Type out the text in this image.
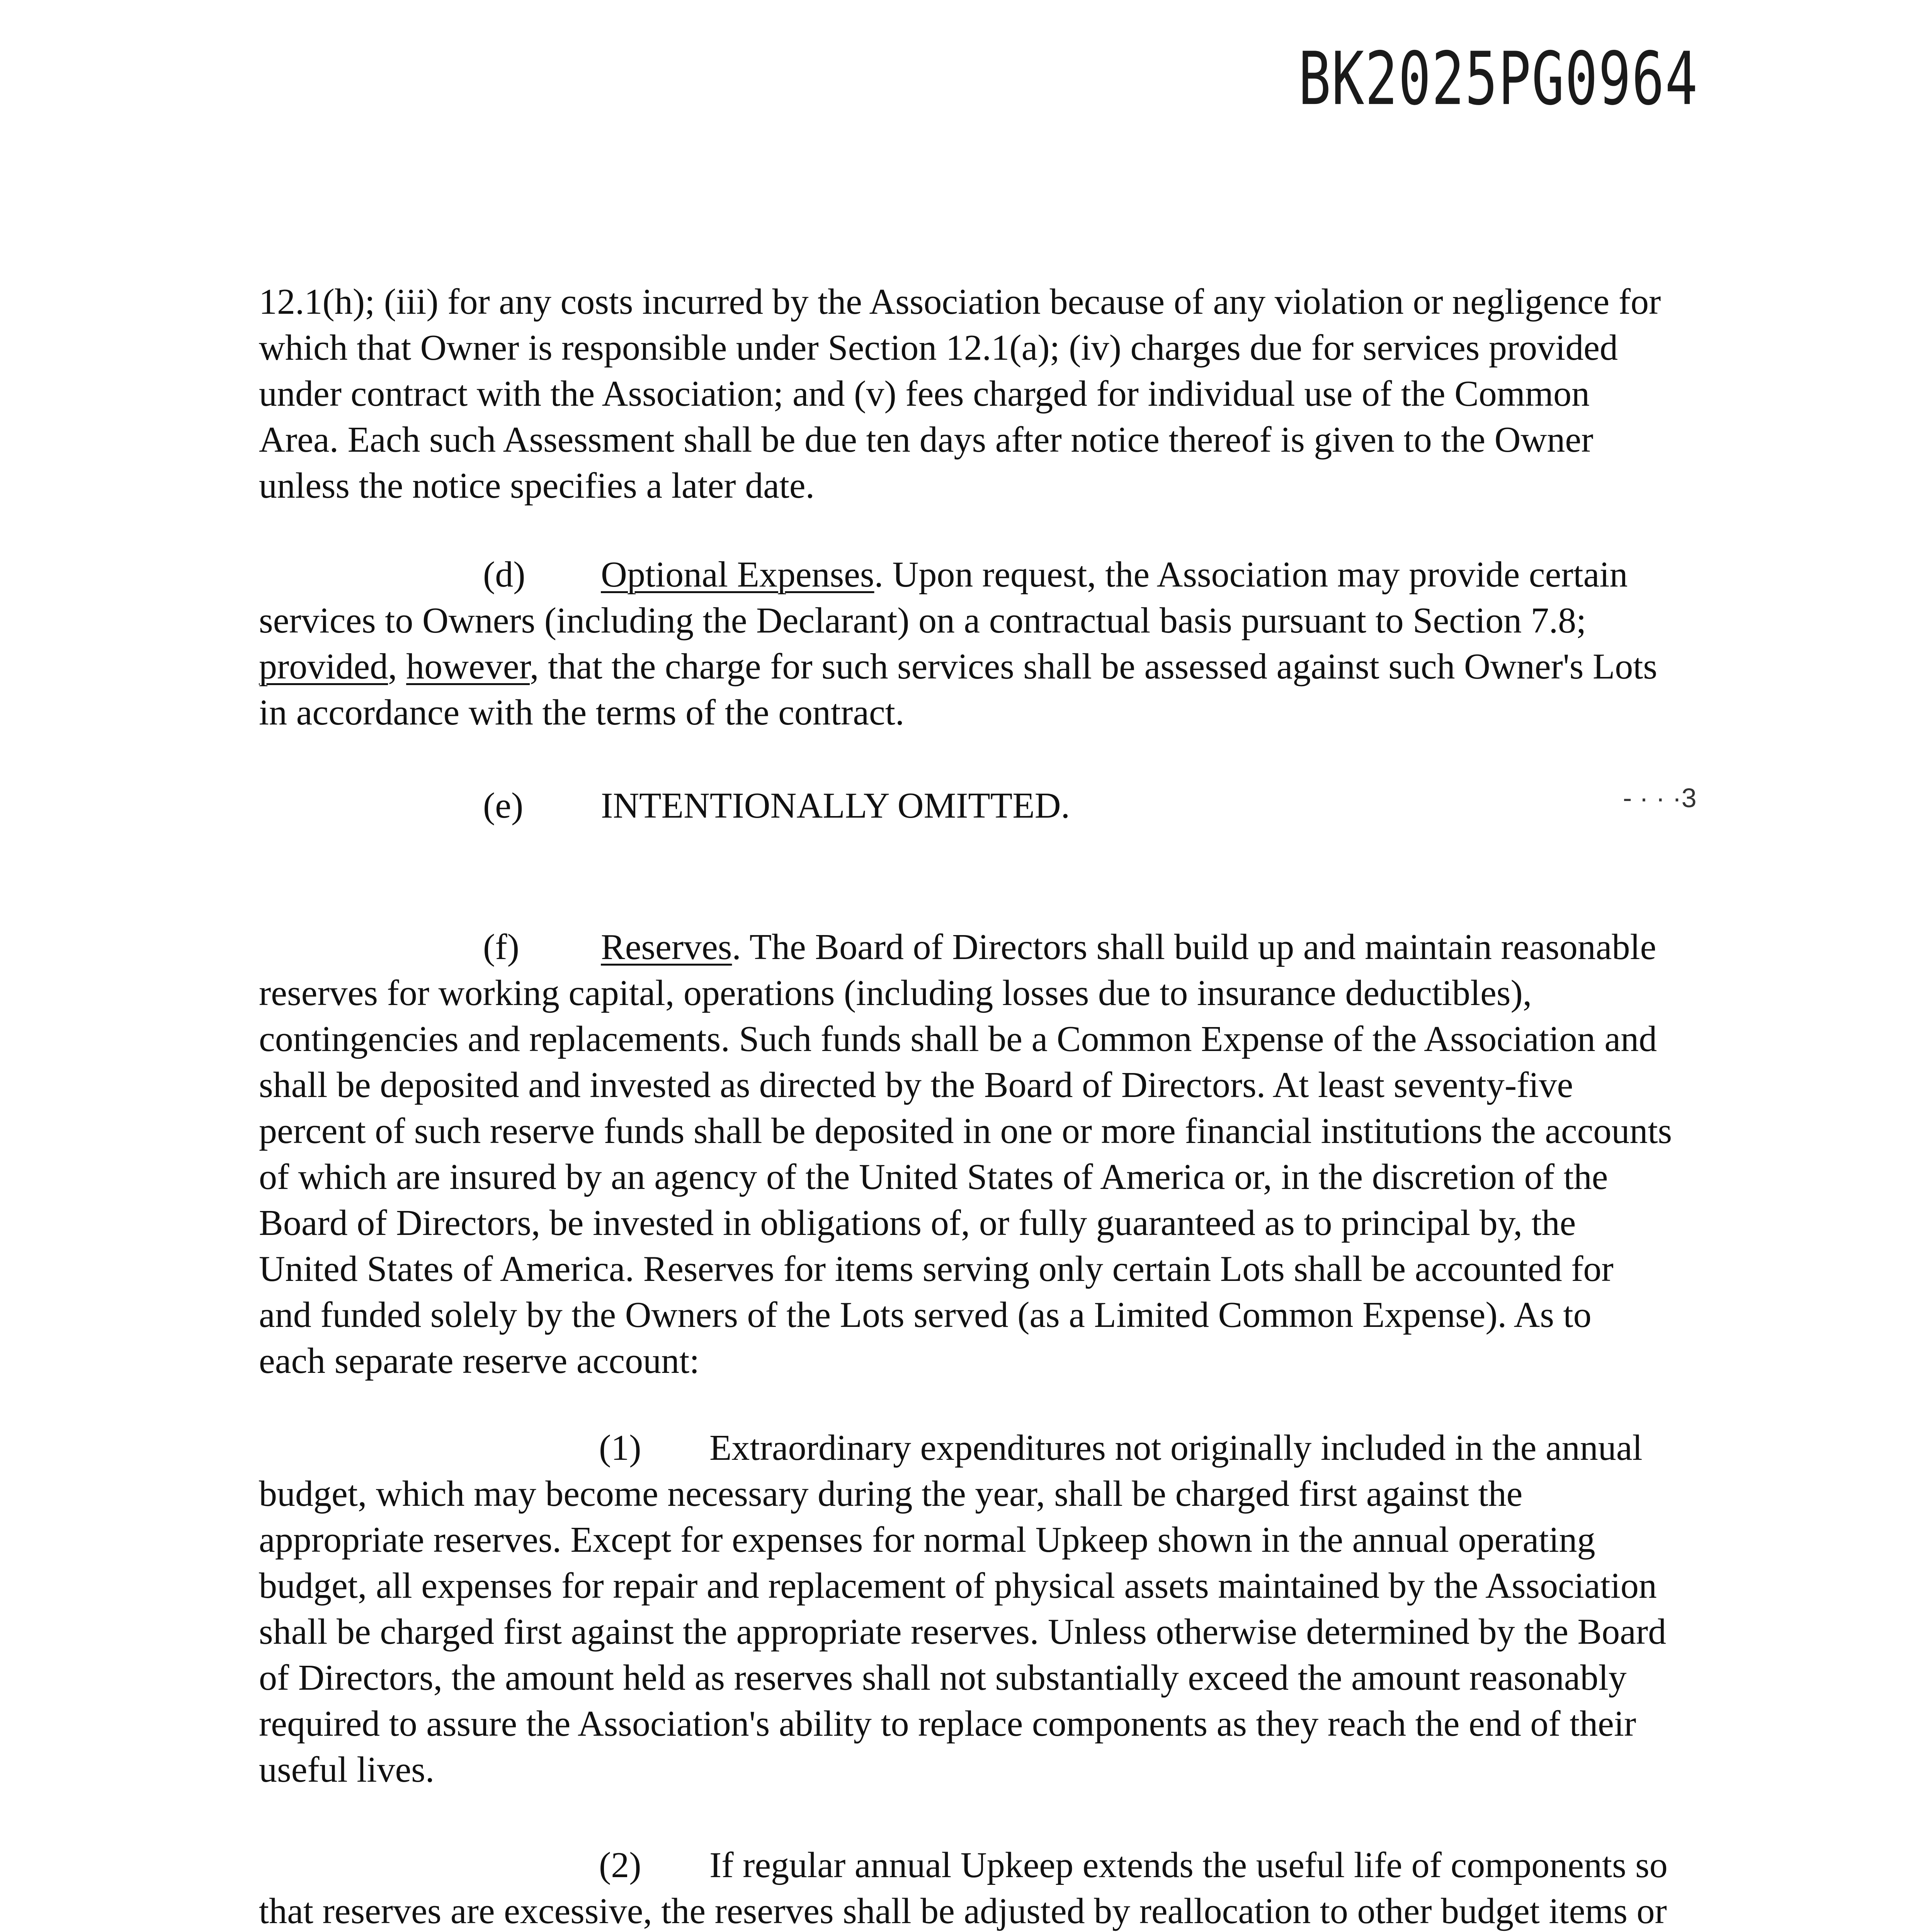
BK2025PG0964
12.1(h); (iii) for any costs incurred by the Association because of any violation or negligence for
which that Owner is responsible under Section 12.1(a); (iv) charges due for services provided
under contract with the Association; and (v) fees charged for individual use of the Common
Area. Each such Assessment shall be due ten days after notice thereof is given to the Owner
unless the notice specifies a later date.
(d) Optional Expenses. Upon request, the Association may provide certain
services to Owners (including the Declarant) on a contractual basis pursuant to Section 7.8;
provided, however, that the charge for such services shall be assessed against such Owner's Lots
in accordance with the terms of the contract.
(e) INTENTIONALLY OMITTED.	- · · ·3
(f) Reserves. The Board of Directors shall build up and maintain reasonable
reserves for working capital, operations (including losses due to insurance deductibles),
contingencies and replacements. Such funds shall be a Common Expense of the Association and
shall be deposited and invested as directed by the Board of Directors. At least seventy-five
percent of such reserve funds shall be deposited in one or more financial institutions the accounts
of which are insured by an agency of the United States of America or, in the discretion of the
Board of Directors, be invested in obligations of, or fully guaranteed as to principal by, the
United States of America. Reserves for items serving only certain Lots shall be accounted for
and funded solely by the Owners of the Lots served (as a Limited Common Expense). As to
each separate reserve account:
(1) Extraordinary expenditures not originally included in the annual
budget, which may become necessary during the year, shall be charged first against the
appropriate reserves. Except for expenses for normal Upkeep shown in the annual operating
budget, all expenses for repair and replacement of physical assets maintained by the Association
shall be charged first against the appropriate reserves. Unless otherwise determined by the Board
of Directors, the amount held as reserves shall not substantially exceed the amount reasonably
required to assure the Association's ability to replace components as they reach the end of their
useful lives.
(2) If regular annual Upkeep extends the useful life of components so
that reserves are excessive, the reserves shall be adjusted by reallocation to other budget items or
